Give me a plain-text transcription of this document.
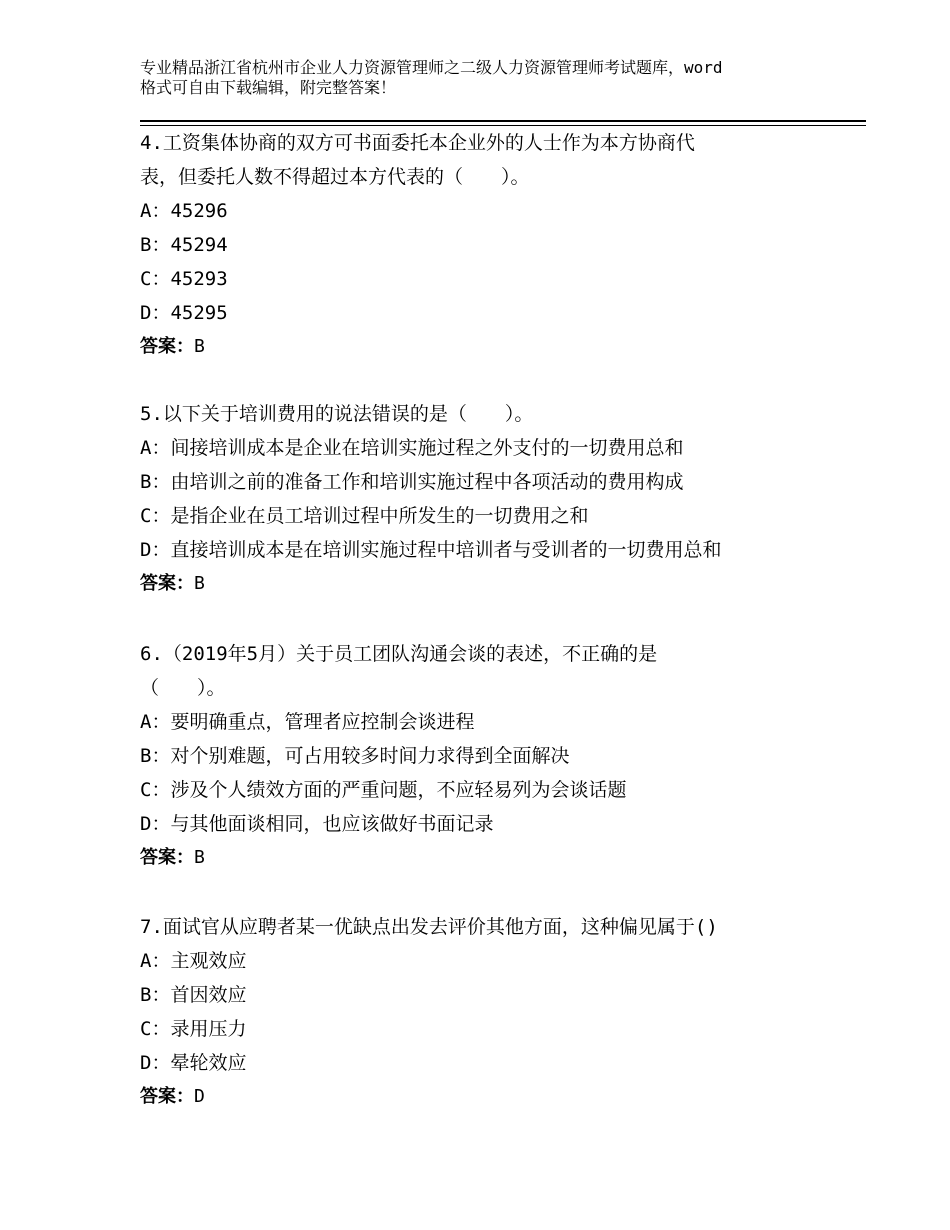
专业精品浙江省杭州市企业人力资源管理师之二级人力资源管理师考试题库，word
格式可自由下载编辑，附完整答案！
4.工资集体协商的双方可书面委托本企业外的人士作为本方协商代
表，但委托人数不得超过本方代表的（　　）。
A：45296
B：45294
C：45293
D：45295
答案：B
5.以下关于培训费用的说法错误的是（　　）。
A：间接培训成本是企业在培训实施过程之外支付的一切费用总和
B：由培训之前的准备工作和培训实施过程中各项活动的费用构成
C：是指企业在员工培训过程中所发生的一切费用之和
D：直接培训成本是在培训实施过程中培训者与受训者的一切费用总和
答案：B
6.（2019年5月）关于员工团队沟通会谈的表述，不正确的是
（　　）。
A：要明确重点，管理者应控制会谈进程
B：对个别难题，可占用较多时间力求得到全面解决
C：涉及个人绩效方面的严重问题，不应轻易列为会谈话题
D：与其他面谈相同，也应该做好书面记录
答案：B
7.面试官从应聘者某一优缺点出发去评价其他方面，这种偏见属于()
A：主观效应
B：首因效应
C：录用压力
D：晕轮效应
答案：D
